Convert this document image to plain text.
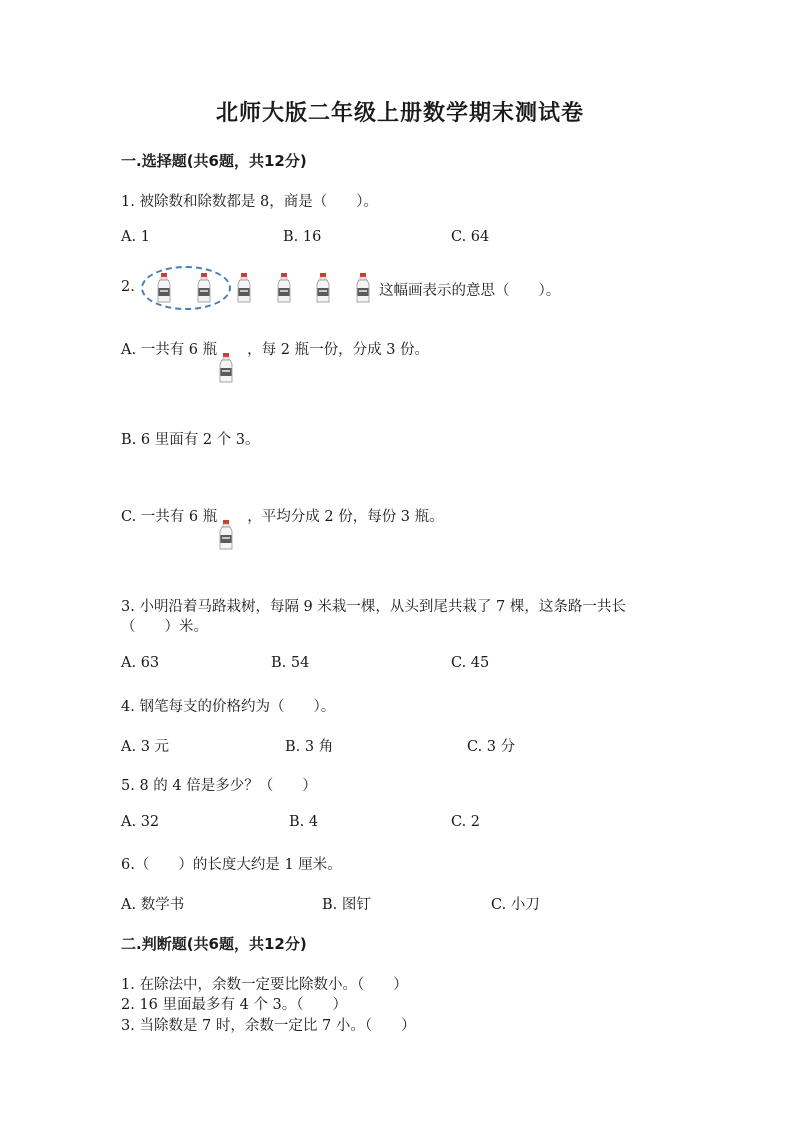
北师大版二年级上册数学期末测试卷
一.选择题(共6题，共12分)
1. 被除数和除数都是 8，商是（　　）。
A. 1	B. 16	C. 64
2.	这幅画表示的意思（　　）。
A. 一共有 6 瓶 ，每 2 瓶一份，分成 3 份。
B. 6 里面有 2 个 3。
C. 一共有 6 瓶 ，平均分成 2 份，每份 3 瓶。
3. 小明沿着马路栽树，每隔 9 米栽一棵，从头到尾共栽了 7 棵，这条路一共长
（　　）米。
A. 63	B. 54	C. 45
4. 钢笔每支的价格约为（　　）。
A. 3 元	B. 3 角	C. 3 分
5. 8 的 4 倍是多少？（　　）
A. 32	B. 4	C. 2
6.（　　）的长度大约是 1 厘米。
A. 数学书	B. 图钉	C. 小刀
二.判断题(共6题，共12分)
1. 在除法中，余数一定要比除数小。（　　）
2. 16 里面最多有 4 个 3。（　　）
3. 当除数是 7 时，余数一定比 7 小。（　　）
